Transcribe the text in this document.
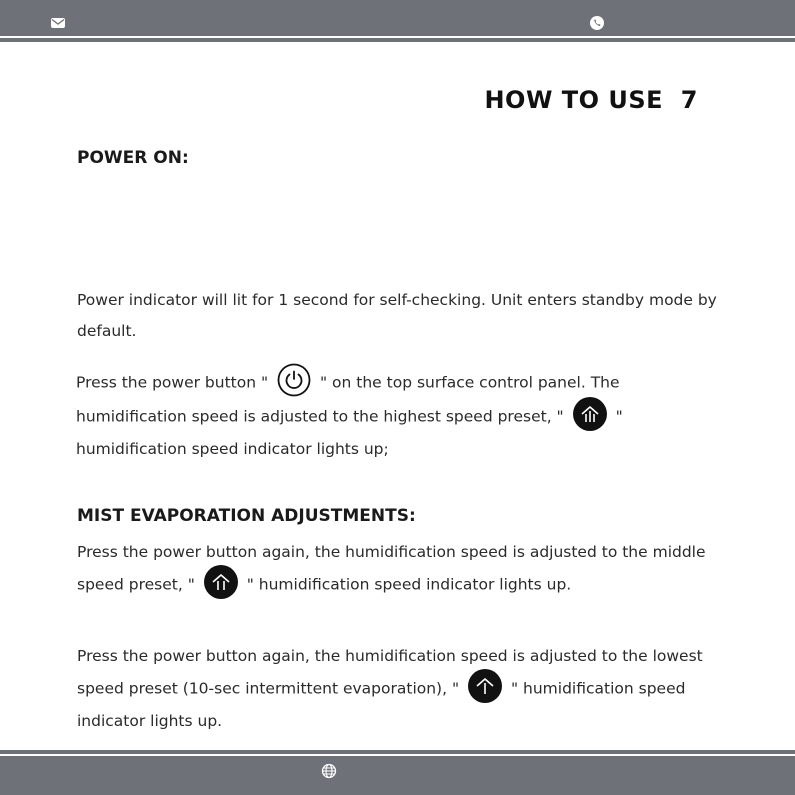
HOW TO USE 7
POWER ON:
Power indicator will lit for 1 second for self-checking. Unit enters standby mode by default.
Press the power button "	" on the top surface control panel. The humidification speed is adjusted to the highest speed preset, "	" humidification speed indicator lights up;
MIST EVAPORATION ADJUSTMENTS:
Press the power button again, the humidification speed is adjusted to the middle speed preset, "	" humidification speed indicator lights up.
Press the power button again, the humidification speed is adjusted to the lowest speed preset (10-sec intermittent evaporation), "	" humidification speed indicator lights up.
